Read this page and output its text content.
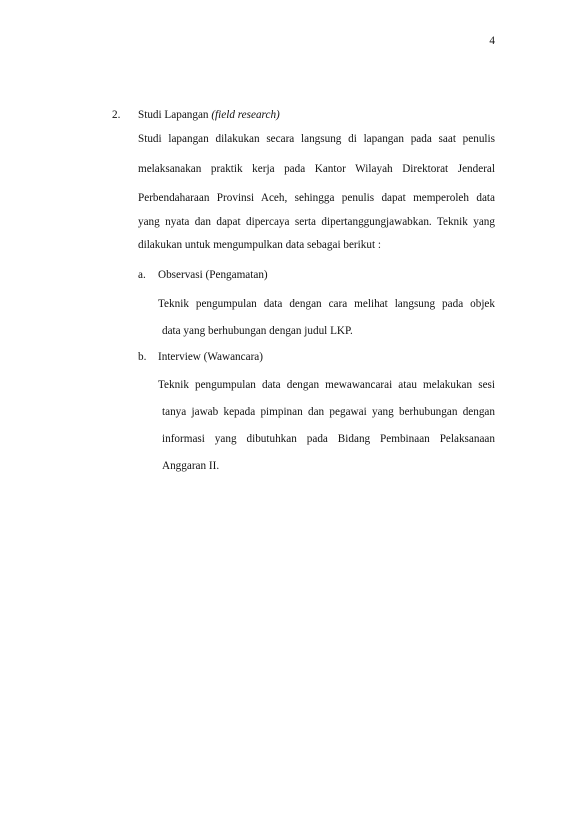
4
2. Studi Lapangan (field research)
Studi lapangan dilakukan secara langsung di lapangan pada saat penulis
melaksanakan praktik kerja pada Kantor Wilayah Direktorat Jenderal
Perbendaharaan Provinsi Aceh, sehingga penulis dapat memperoleh data
yang nyata dan dapat dipercaya serta dipertanggungjawabkan. Teknik yang
dilakukan untuk mengumpulkan data sebagai berikut :
a. Observasi (Pengamatan)
Teknik pengumpulan data dengan cara melihat langsung pada objek
data yang berhubungan dengan judul LKP.
b. Interview (Wawancara)
Teknik pengumpulan data dengan mewawancarai atau melakukan sesi
tanya jawab kepada pimpinan dan pegawai yang berhubungan dengan
informasi yang dibutuhkan pada Bidang Pembinaan Pelaksanaan
Anggaran II.
